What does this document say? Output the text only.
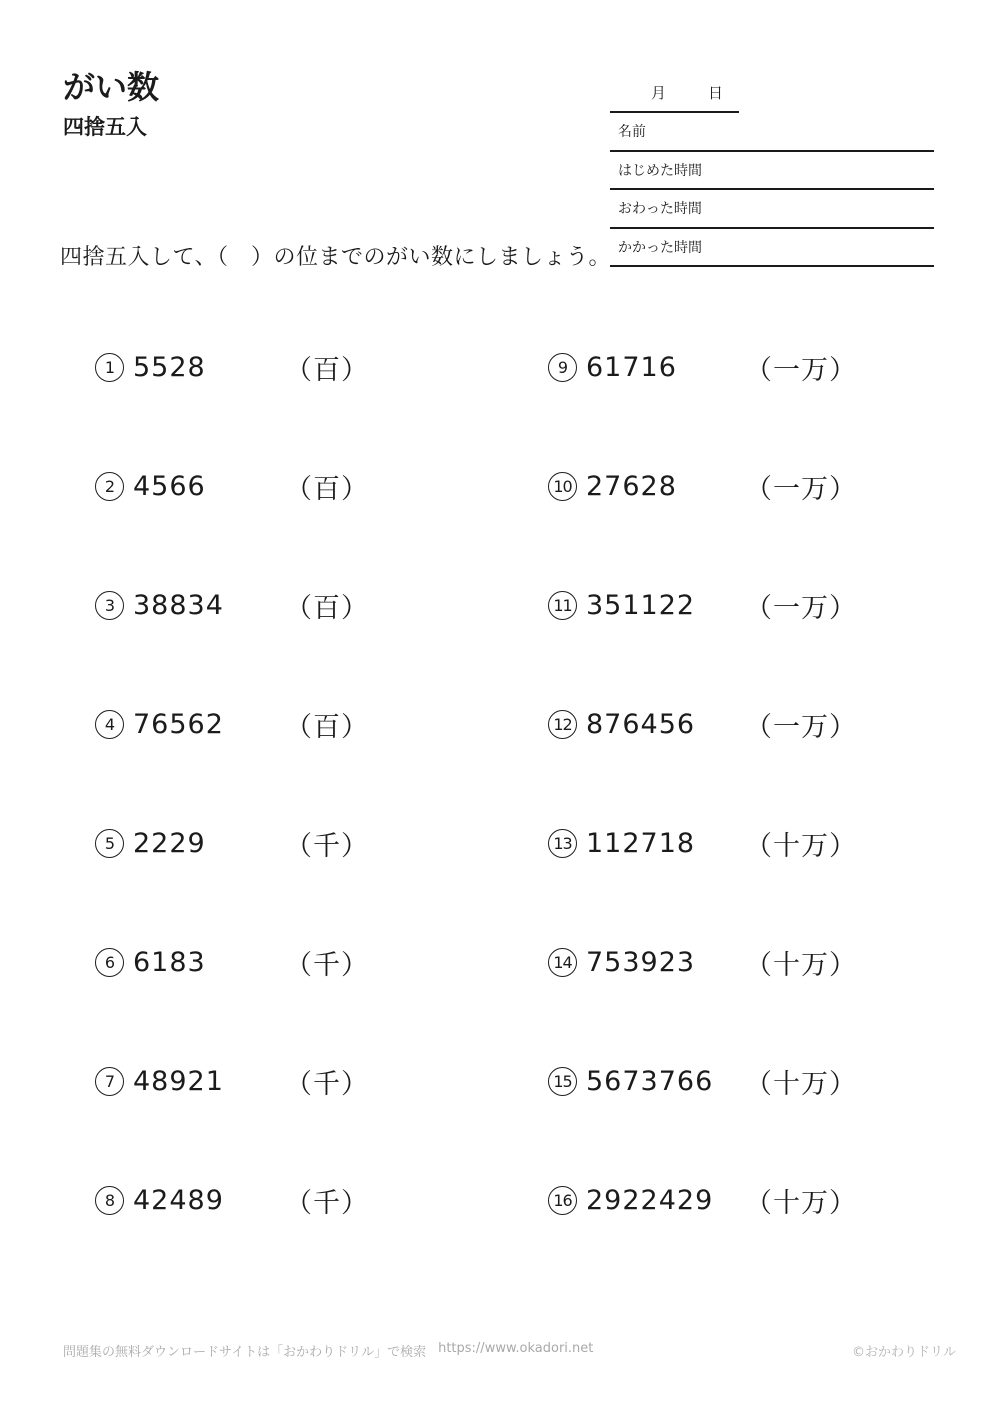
がい数
四捨五入
月	日
名前
はじめた時間
おわった時間
かかった時間
四捨五入して、（　）の位までのがい数にしましょう。
1 5528	（百）
2 4566	（百）
3 38834 （百）
4 76562 （百）
5 2229	（千）
6 6183	（千）
7 48921 （千）
8 42489 （千）
9 61716	（一万）
10 27628	（一万）
11 351122 （一万）
12 876456 （一万）
13 112718 （十万）
14 753923 （十万）
15 5673766 （十万）
16 2922429 （十万）
問題集の無料ダウンロードサイトは「おかわりドリル」で検索 https://www.okadori.net	©おかわりドリル
